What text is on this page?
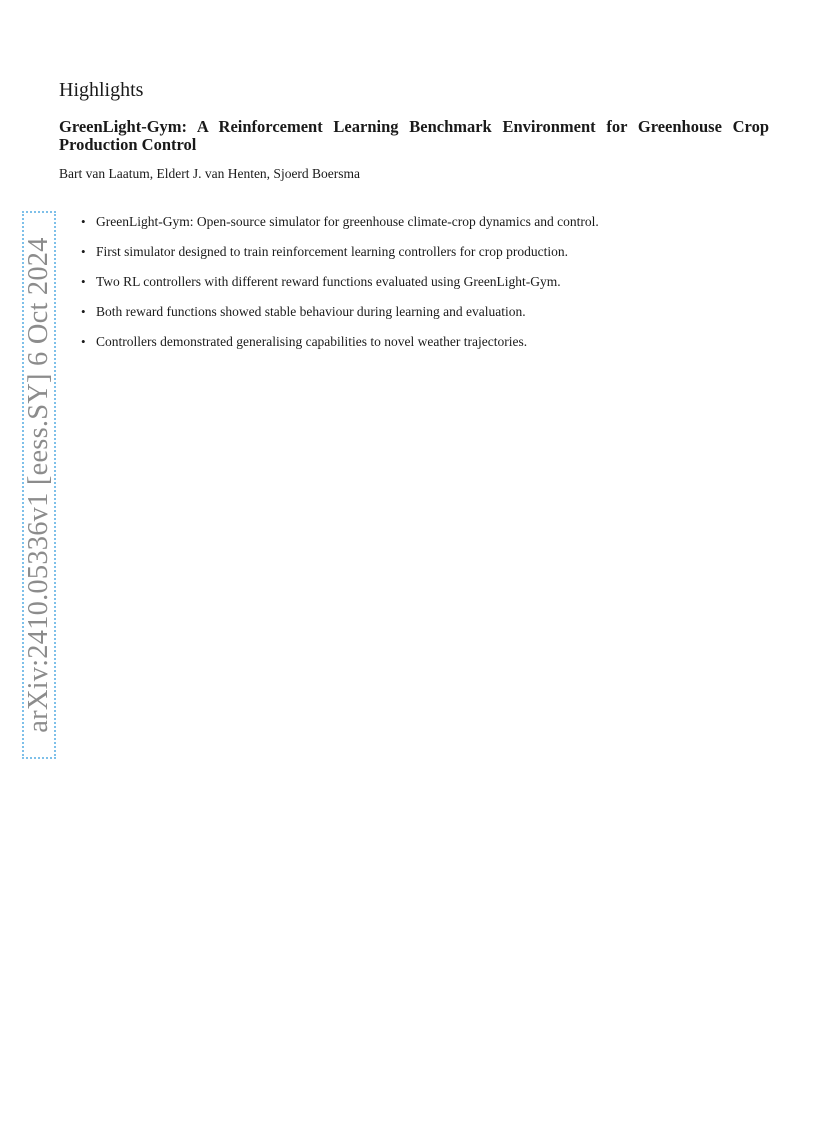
Highlights
GreenLight-Gym: A Reinforcement Learning Benchmark Environment for Greenhouse Crop Production Control

Bart van Laatum, Eldert J. van Henten, Sjoerd Boersma

• GreenLight-Gym: Open-source simulator for greenhouse climate-crop dynamics and control.
• First simulator designed to train reinforcement learning controllers for crop production.
• Two RL controllers with different reward functions evaluated using GreenLight-Gym.
• Both reward functions showed stable behaviour during learning and evaluation.
• Controllers demonstrated generalising capabilities to novel weather trajectories.
arXiv:2410.05336v1 [eess.SY] 6 Oct 2024
